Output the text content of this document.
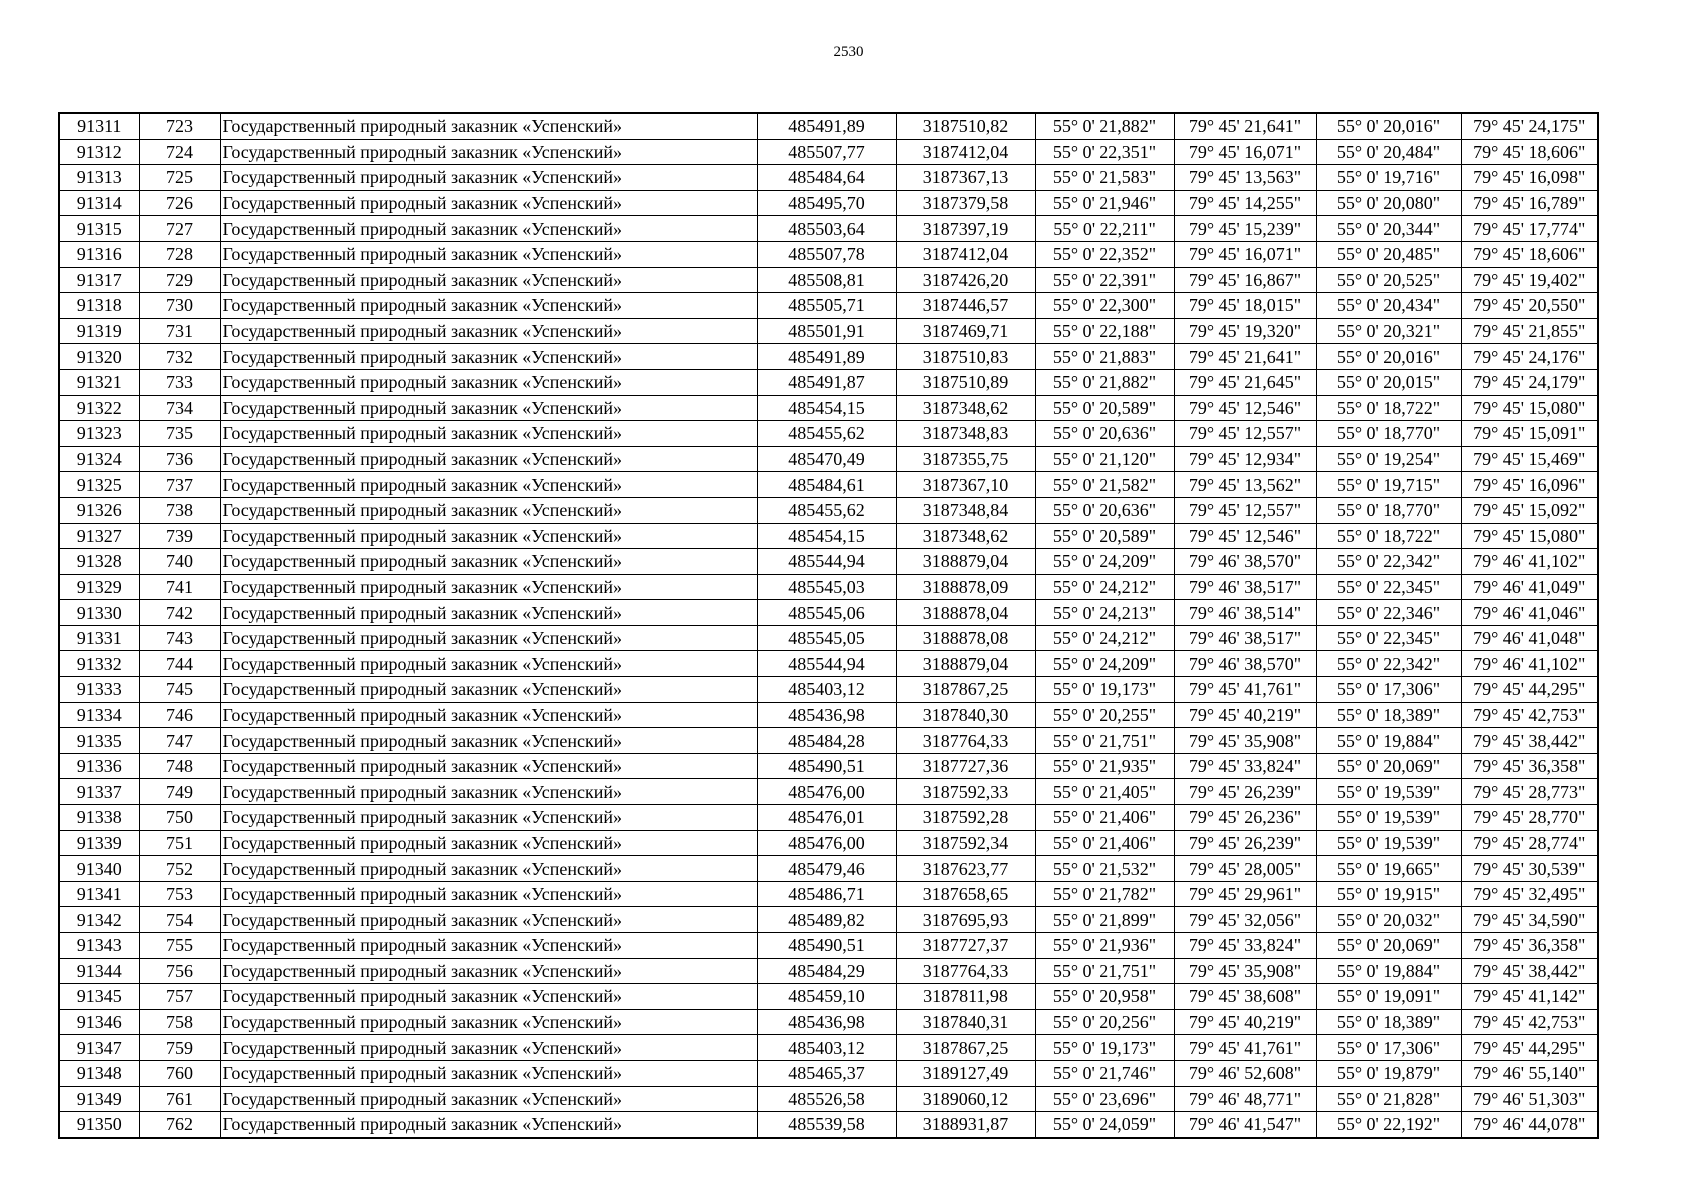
2530
91311	723	Государственный природный заказник «Успенский»	485491,89	3187510,82	55° 0' 21,882"	79° 45' 21,641"	55° 0' 20,016"	79° 45' 24,175"
91312	724	Государственный природный заказник «Успенский»	485507,77	3187412,04	55° 0' 22,351"	79° 45' 16,071"	55° 0' 20,484"	79° 45' 18,606"
91313	725	Государственный природный заказник «Успенский»	485484,64	3187367,13	55° 0' 21,583"	79° 45' 13,563"	55° 0' 19,716"	79° 45' 16,098"
91314	726	Государственный природный заказник «Успенский»	485495,70	3187379,58	55° 0' 21,946"	79° 45' 14,255"	55° 0' 20,080"	79° 45' 16,789"
91315	727	Государственный природный заказник «Успенский»	485503,64	3187397,19	55° 0' 22,211"	79° 45' 15,239"	55° 0' 20,344"	79° 45' 17,774"
91316	728	Государственный природный заказник «Успенский»	485507,78	3187412,04	55° 0' 22,352"	79° 45' 16,071"	55° 0' 20,485"	79° 45' 18,606"
91317	729	Государственный природный заказник «Успенский»	485508,81	3187426,20	55° 0' 22,391"	79° 45' 16,867"	55° 0' 20,525"	79° 45' 19,402"
91318	730	Государственный природный заказник «Успенский»	485505,71	3187446,57	55° 0' 22,300"	79° 45' 18,015"	55° 0' 20,434"	79° 45' 20,550"
91319	731	Государственный природный заказник «Успенский»	485501,91	3187469,71	55° 0' 22,188"	79° 45' 19,320"	55° 0' 20,321"	79° 45' 21,855"
91320	732	Государственный природный заказник «Успенский»	485491,89	3187510,83	55° 0' 21,883"	79° 45' 21,641"	55° 0' 20,016"	79° 45' 24,176"
91321	733	Государственный природный заказник «Успенский»	485491,87	3187510,89	55° 0' 21,882"	79° 45' 21,645"	55° 0' 20,015"	79° 45' 24,179"
91322	734	Государственный природный заказник «Успенский»	485454,15	3187348,62	55° 0' 20,589"	79° 45' 12,546"	55° 0' 18,722"	79° 45' 15,080"
91323	735	Государственный природный заказник «Успенский»	485455,62	3187348,83	55° 0' 20,636"	79° 45' 12,557"	55° 0' 18,770"	79° 45' 15,091"
91324	736	Государственный природный заказник «Успенский»	485470,49	3187355,75	55° 0' 21,120"	79° 45' 12,934"	55° 0' 19,254"	79° 45' 15,469"
91325	737	Государственный природный заказник «Успенский»	485484,61	3187367,10	55° 0' 21,582"	79° 45' 13,562"	55° 0' 19,715"	79° 45' 16,096"
91326	738	Государственный природный заказник «Успенский»	485455,62	3187348,84	55° 0' 20,636"	79° 45' 12,557"	55° 0' 18,770"	79° 45' 15,092"
91327	739	Государственный природный заказник «Успенский»	485454,15	3187348,62	55° 0' 20,589"	79° 45' 12,546"	55° 0' 18,722"	79° 45' 15,080"
91328	740	Государственный природный заказник «Успенский»	485544,94	3188879,04	55° 0' 24,209"	79° 46' 38,570"	55° 0' 22,342"	79° 46' 41,102"
91329	741	Государственный природный заказник «Успенский»	485545,03	3188878,09	55° 0' 24,212"	79° 46' 38,517"	55° 0' 22,345"	79° 46' 41,049"
91330	742	Государственный природный заказник «Успенский»	485545,06	3188878,04	55° 0' 24,213"	79° 46' 38,514"	55° 0' 22,346"	79° 46' 41,046"
91331	743	Государственный природный заказник «Успенский»	485545,05	3188878,08	55° 0' 24,212"	79° 46' 38,517"	55° 0' 22,345"	79° 46' 41,048"
91332	744	Государственный природный заказник «Успенский»	485544,94	3188879,04	55° 0' 24,209"	79° 46' 38,570"	55° 0' 22,342"	79° 46' 41,102"
91333	745	Государственный природный заказник «Успенский»	485403,12	3187867,25	55° 0' 19,173"	79° 45' 41,761"	55° 0' 17,306"	79° 45' 44,295"
91334	746	Государственный природный заказник «Успенский»	485436,98	3187840,30	55° 0' 20,255"	79° 45' 40,219"	55° 0' 18,389"	79° 45' 42,753"
91335	747	Государственный природный заказник «Успенский»	485484,28	3187764,33	55° 0' 21,751"	79° 45' 35,908"	55° 0' 19,884"	79° 45' 38,442"
91336	748	Государственный природный заказник «Успенский»	485490,51	3187727,36	55° 0' 21,935"	79° 45' 33,824"	55° 0' 20,069"	79° 45' 36,358"
91337	749	Государственный природный заказник «Успенский»	485476,00	3187592,33	55° 0' 21,405"	79° 45' 26,239"	55° 0' 19,539"	79° 45' 28,773"
91338	750	Государственный природный заказник «Успенский»	485476,01	3187592,28	55° 0' 21,406"	79° 45' 26,236"	55° 0' 19,539"	79° 45' 28,770"
91339	751	Государственный природный заказник «Успенский»	485476,00	3187592,34	55° 0' 21,406"	79° 45' 26,239"	55° 0' 19,539"	79° 45' 28,774"
91340	752	Государственный природный заказник «Успенский»	485479,46	3187623,77	55° 0' 21,532"	79° 45' 28,005"	55° 0' 19,665"	79° 45' 30,539"
91341	753	Государственный природный заказник «Успенский»	485486,71	3187658,65	55° 0' 21,782"	79° 45' 29,961"	55° 0' 19,915"	79° 45' 32,495"
91342	754	Государственный природный заказник «Успенский»	485489,82	3187695,93	55° 0' 21,899"	79° 45' 32,056"	55° 0' 20,032"	79° 45' 34,590"
91343	755	Государственный природный заказник «Успенский»	485490,51	3187727,37	55° 0' 21,936"	79° 45' 33,824"	55° 0' 20,069"	79° 45' 36,358"
91344	756	Государственный природный заказник «Успенский»	485484,29	3187764,33	55° 0' 21,751"	79° 45' 35,908"	55° 0' 19,884"	79° 45' 38,442"
91345	757	Государственный природный заказник «Успенский»	485459,10	3187811,98	55° 0' 20,958"	79° 45' 38,608"	55° 0' 19,091"	79° 45' 41,142"
91346	758	Государственный природный заказник «Успенский»	485436,98	3187840,31	55° 0' 20,256"	79° 45' 40,219"	55° 0' 18,389"	79° 45' 42,753"
91347	759	Государственный природный заказник «Успенский»	485403,12	3187867,25	55° 0' 19,173"	79° 45' 41,761"	55° 0' 17,306"	79° 45' 44,295"
91348	760	Государственный природный заказник «Успенский»	485465,37	3189127,49	55° 0' 21,746"	79° 46' 52,608"	55° 0' 19,879"	79° 46' 55,140"
91349	761	Государственный природный заказник «Успенский»	485526,58	3189060,12	55° 0' 23,696"	79° 46' 48,771"	55° 0' 21,828"	79° 46' 51,303"
91350	762	Государственный природный заказник «Успенский»	485539,58	3188931,87	55° 0' 24,059"	79° 46' 41,547"	55° 0' 22,192"	79° 46' 44,078"
